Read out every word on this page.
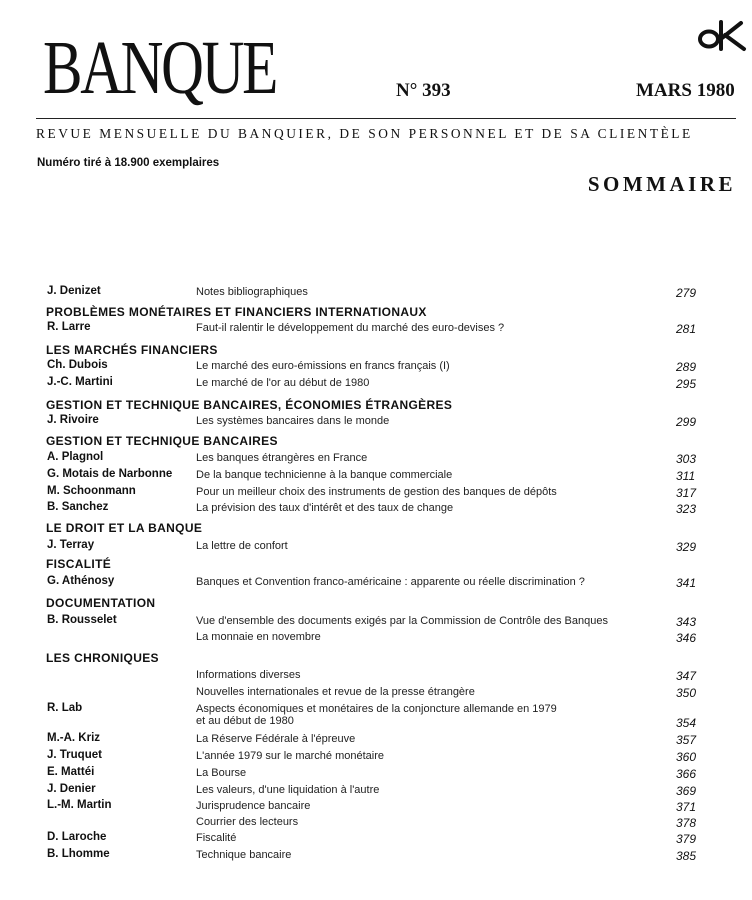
BANQUE	N° 393	MARS 1980
REVUE MENSUELLE DU BANQUIER, DE SON PERSONNEL ET DE SA CLIENTÈLE
Numéro tiré à 18.900 exemplaires
SOMMAIRE
J. Denizet	Notes bibliographiques	279
PROBLÈMES MONÉTAIRES ET FINANCIERS INTERNATIONAUX
R. Larre	Faut-il ralentir le développement du marché des euro-devises ?	281
LES MARCHÉS FINANCIERS
Ch. Dubois	Le marché des euro-émissions en francs français (I)	289
J.-C. Martini	Le marché de l'or au début de 1980	295
GESTION ET TECHNIQUE BANCAIRES, ÉCONOMIES ÉTRANGÈRES
J. Rivoire	Les systèmes bancaires dans le monde	299
GESTION ET TECHNIQUE BANCAIRES
A. Plagnol	Les banques étrangères en France	303
G. Motais de Narbonne De la banque technicienne à la banque commerciale	311
M. Schoonmann	Pour un meilleur choix des instruments de gestion des banques de dépôts	317
B. Sanchez	La prévision des taux d'intérêt et des taux de change	323
LE DROIT ET LA BANQUE
J. Terray	La lettre de confort	329
FISCALITÉ
G. Athénosy	Banques et Convention franco-américaine : apparente ou réelle discrimination ?	341
DOCUMENTATION
B. Rousselet	Vue d'ensemble des documents exigés par la Commission de Contrôle des Banques	343
La monnaie en novembre	346
LES CHRONIQUES
Informations diverses	347
Nouvelles internationales et revue de la presse étrangère	350
R. Lab	Aspects économiques et monétaires de la conjoncture allemande en 1979
et au début de 1980	354
M.-A. Kriz	La Réserve Fédérale à l'épreuve	357
J. Truquet	L'année 1979 sur le marché monétaire	360
E. Mattéi	La Bourse	366
J. Denier	Les valeurs, d'une liquidation à l'autre	369
L.-M. Martin	Jurisprudence bancaire	371
Courrier des lecteurs	378
D. Laroche	Fiscalité	379
B. Lhomme	Technique bancaire	385
